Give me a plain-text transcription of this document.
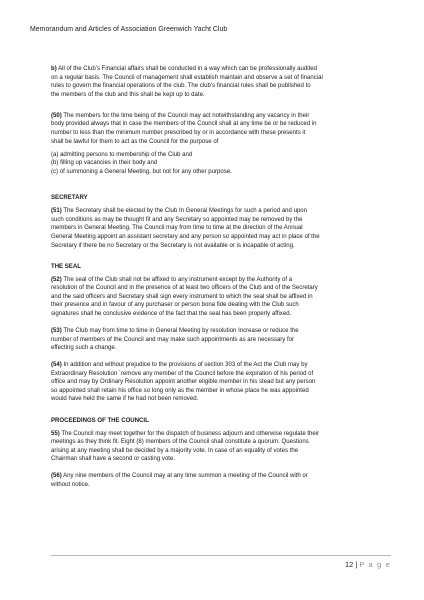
Memorandum and Articles of Association Greenwich Yacht Club

b) All of the Club’s Financial affairs shall be conducted in a way which can be professionally audited
on a regular basis. The Council of management shall establish maintain and observe a set of financial
rules to govern the financial operations of the club. The club’s financial rules shall be published to
the members of the club and this shall be kept up to date.

(50) The members for the time being of the Council may act notwithstanding any vacancy in their
body provided always that in case the members of the Council shall at any time be or be reduced in
number to less than the minimum number prescribed by or in accordance with these presents it
shall be lawful for them to act as the Council for the purpose of

(a) admitting persons to membership of the Club and
(b) filling up vacancies in their body and
(c) of summoning a General Meeting, but not for any other purpose.

SECRETARY

(51) The Secretary shall be elected by the Club In General Meetings for such a period and upon
such conditions as may be thought fit and any Secretary so appointed may be removed by the
members in General Meeting. The Council may from time to time at the direction of the Annual
General Meeting appoint an assistant secretary and any person so appointed may act in place of the
Secretary if there be no Secretary or the Secretary is not available or is incapable of acting.

THE SEAL

(52) The seal of the Club shall not be affixed to any instrument except by the Authority of a
resolution of the Council and in the presence of at least two officers of the Club and of the Secretary
and the said officers and Secretary shall sign every instrument to which the seal shall be affixed in
their presence and in favour of any purchaser or person bona fide dealing with the Club such
signatures shall he conclusive evidence of the fact that the seal has been properly affixed.

(53) The Club may from time to time in General Meeting by resolution Increase or reduce the
number of members of the Council and may make such appointments as are necessary for
effecting such a change.

(54) In addition and without prejudice to the provisions of section 303 of the Act the Club may by
Extraordinary Resolution `remove any member of the Council before the expiration of his period of
office and may by Ordinary Resolution appoint another eligible member in his stead but any person
so appointed shall retain his office so long only as the member in whose place he was appointed
would have held the same if he had not been removed.

PROCEEDINGS OF THE COUNCIL

55) The Council may meet together for the dispatch of business adjourn and otherwise regulate their
meetings as they think fit. Eight (8) members of the Council shall constitute a quorum. Questions
arising at any meeting shall be decided by a majority vote. In case of an equality of votes the
Chairman shall have a second or casting vote.

(56) Any nine members of the Council may at any time summon a meeting of the Council with or
without notice.

12 | P a g e
